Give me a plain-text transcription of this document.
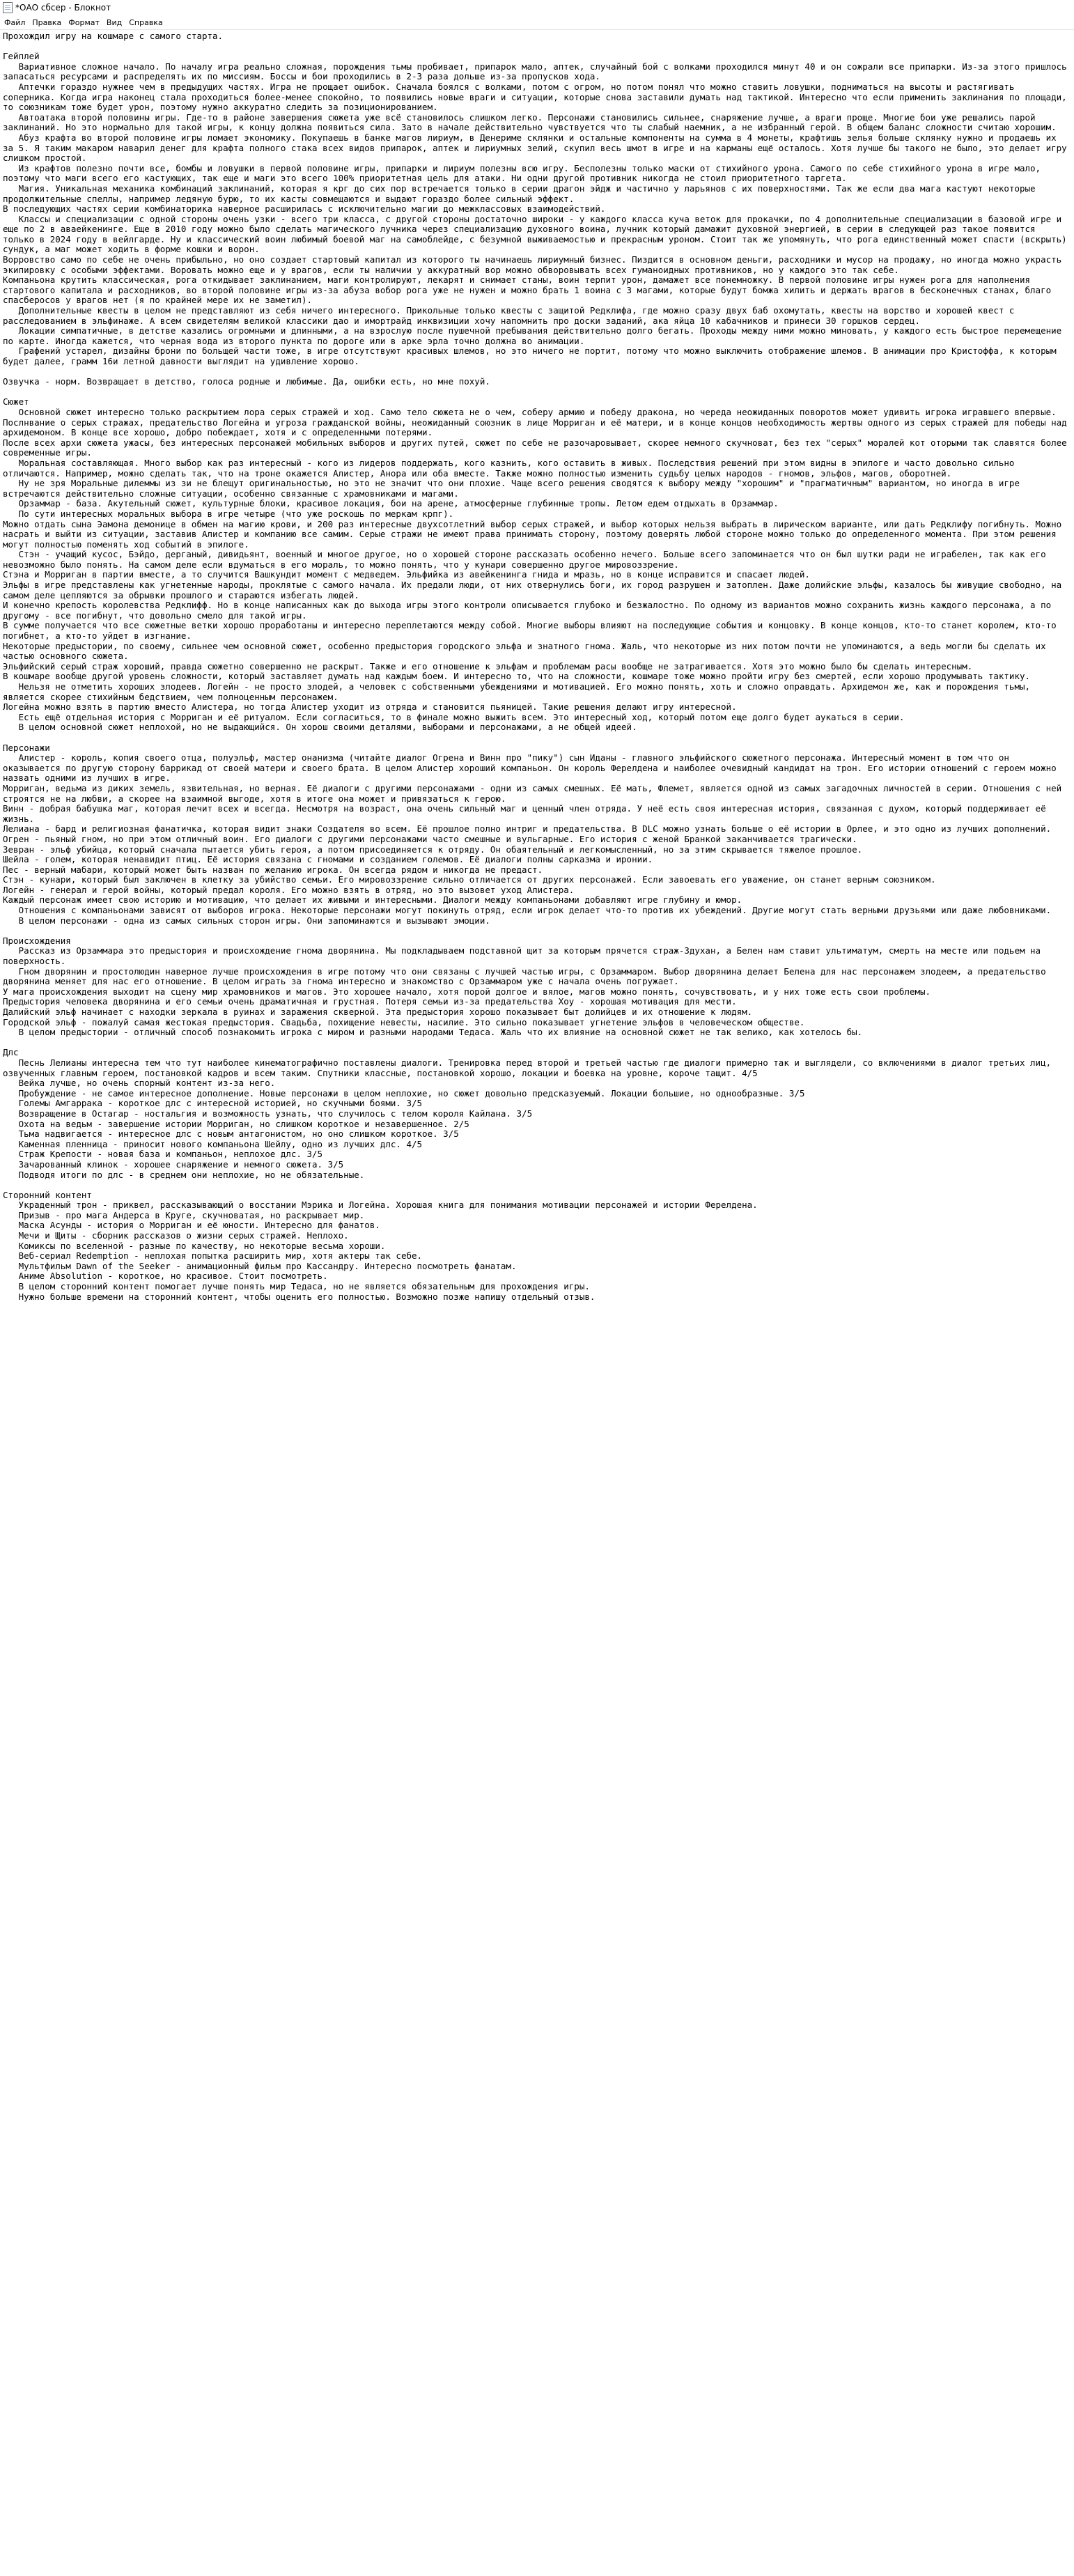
*ОАО сбсер - Блокнот
Файл Правка Формат Вид Справка
Прохождил игру на кошмаре с самого старта.

Гейплей
Вариативное сложное начало. По началу игра реально сложная, порождения тьмы пробивает, припарок мало, аптек, случайный бой с волками проходился минут 40 и он сожрали все припарки. Из-за этого пришлось запасаться ресурсами и распределять их по миссиям. Боссы и бои проходились в 2-3 раза дольше из-за пропусков хода.
Аптечки гораздо нужнее чем в предыдущих частях. Игра не прощает ошибок. Сначала боялся с волками, потом с огром, но потом понял что можно ставить ловушки, подниматься на высоты и растягивать соперника. Когда игра наконец стала проходиться более-менее спокойно, то появились новые враги и ситуации, которые снова заставили думать над тактикой. Интересно что если применить заклинания по площади, то союзникам тоже будет урон, поэтому нужно аккуратно следить за позиционированием.
Автоатака второй половины игры. Где-то в районе завершения сюжета уже всё становилось слишком легко. Персонажи становились сильнее, снаряжение лучше, а враги проще. Многие бои уже решались парой заклинаний. Но это нормально для такой игры, к концу должна появиться сила. Зато в начале действительно чувствуется что ты слабый наемник, а не избранный герой. В общем баланс сложности считаю хорошим.
Абуз крафта во второй половине игры ломает экономику. Покупаешь в банке магов лириум, в Денериме склянки и остальные компоненты на сумма в 4 монеты, крафтишь зелья больше склянку нужно и продаешь их за 5. Я таким макаром наварил денег для крафта полного стака всех видов припарок, аптек и лириумных зелий, скупил весь шмот в игре и на карманы ещё осталось. Хотя лучше бы такого не было, это делает игру слишком простой.
Из крафтов полезно почти все, бомбы и ловушки в первой половине игры, припарки и лириум полезны всю игру. Бесполезны только маски от стихийного урона. Самого по себе стихийного урона в игре мало, поэтому что маги всего его кастующих, так еще и маги это всего 100% приоритетная цель для атаки. Ни одни другой противник никогда не стоил приоритетного таргета.
Магия. Уникальная механика комбинаций заклинаний, которая я крг до сих пор встречается только в серии драгон эйдж и частично у ларьянов с их поверхностями. Так же если два мага кастуют некоторые продолжительные спеллы, например ледяную бурю, то их касты совмещаются и выдают гораздо более сильный эффект.
В последующих частях серии комбинаторика наверное расширилась с исключительно магии до межклассовых взаимодействий.
Классы и специализации с одной стороны очень узки - всего три класса, с другой стороны достаточно широки - у каждого класса куча веток для прокачки, по 4 дополнительные специализации в базовой игре и еще по 2 в аваейкенинге. Еще в 2010 году можно было сделать магического лучника через специализацию духовного воина, лучник который дамажит духовной энергией, в серии в следующей раз такое появится только в 2024 году в вейлгарде. Ну и классический воин любимый боевой маг на самоблейде, с безумной выживаемостью и прекрасным уроном. Стоит так же упомянуть, что рога единственный может спасти (вскрыть) сундук, а маг может ходить в форме кошки и ворон.
Ворровство само по себе не очень прибыльно, но оно создает стартовый капитал из которого ты начинаешь лириумный бизнес. Пиздится в основном деньги, расходники и мусор на продажу, но иногда можно украсть экипировку с особыми эффектами. Воровать можно еще и у врагов, если ты наличии у аккуратный вор можно обворовывать всех гуманоидных противников, но у каждого это так себе.
Компаньона крутить классическая, рога откидывает заклинанием, маги контролируют, лекарят и снимает станы, воин терпит урон, дамажет все понемножку. В первой половине игры нужен рога для наполнения стартового капитала и расходников, во второй половине игры из-за абуза вобор рога уже не нужен и можно брать 1 воина с 3 магами, которые будут бомжа хилить и держать врагов в бесконечных станах, благо спасберосов у врагов нет (я по крайней мере их не заметил).
Дополнительные квесты в целом не представляют из себя ничего интересного. Прикольные только квесты с защитой Редклифа, где можно сразу двух баб охомутать, квесты на ворство и хорошей квест с расследованием в эльфинаже. А всем свидетелям великой классики дао и имортрайд инквизиции хочу напомнить про доски заданий, ака яйца 10 кабачников и принеси 30 горшков сердец.
Локации симпатичные, в детстве казались огромными и длинными, а на взрослую после пушечной пребывания действительно долго бегать. Проходы между ними можно миновать, у каждого есть быстрое перемещение по карте. Иногда кажется, что черная вода из второго пункта по дороге или в арке эрла точно должна во анимации.
Графений устарел, дизайны брони по больщей части тоже, в игре отсутствуют красивых шлемов, но это ничего не портит, потому что можно выключить отображение шлемов. В анимации про Кристоффа, к которым будет далее, грамм 16и летной давности выглядит на удивление хорошо.

Озвучка - норм. Возвращает в детство, голоса родные и любимые. Да, ошибки есть, но мне похуй.

Сюжет
Основной сюжет интересно только раскрытием лора серых стражей и ход. Само тело сюжета не о чем, соберу армию и победу дракона, но череда неожиданных поворотов может удивить игрока игравшего впервые. Послнвание о серых стражах, предательство Логейна и угроза гражданской войны, неожиданный союзник в лице Морриган и её матери, и в конце концов необходимость жертвы одного из серых стражей для победы над архидемоном. В конце все хорошо, добро побеждает, хотя и с определенными потерями.
После всех архи сюжета ужасы, без интересных персонажей мобильных выборов и других путей, сюжет по себе не разочаровывает, скорее немного скучноват, без тех "серых" моралей кот оторыми так славятся более современные игры.
Моральная составляющая. Много выбор как раз интересный - кого из лидеров поддержать, кого казнить, кого оставить в живых. Последствия решений при этом видны в эпилоге и часто довольно сильно отличаются. Например, можно сделать так, что на троне окажется Алистер, Анора или оба вместе. Также можно полностью изменить судьбу целых народов - гномов, эльфов, магов, оборотней.
Ну не зря Моральные дилеммы из зи не блещут оригинальностью, но это не значит что они плохие. Чаще всего решения сводятся к выбору между "хорошим" и "прагматичным" вариантом, но иногда в игре встречаются действительно сложные ситуации, особенно связанные с храмовниками и магами.
Орзаммар - база. Акутельный сюжет, культурные блоки, красивое локация, бои на арене, атмосферные глубинные тропы. Летом едем отдыхать в Орзаммар.
По сути интересных моральных выбора в игре четыре (что уже роскошь по меркам крпг).
Можно отдать сына Эамона демонице в обмен на магию крови, и 200 раз интересные двухсотлетний выбор серых стражей, и выбор которых нельзя выбрать в лирическом варианте, или дать Редклифу погибнуть. Можно насрать и выйти из ситуации, заставив Алистер и компанию все самим. Серые стражи не имеют права принимать сторону, поэтому доверять любой стороне можно только до определенного момента. При этом решения могут полностью поменять ход событий в эпилоге.
Стэн - учащий кусос, Бэйдо, дерганый, дивидьянт, военный и многое другое, но о хорошей стороне рассказать особенно нечего. Больше всего запоминается что он был шутки ради не играбелен, так как его невозможно было понять. На самом деле если вдуматься в его мораль, то можно понять, что у кунари совершенно другое мировоззрение.
Стэна и Морриган в партии вместе, а то случится Вашкундит момент с медведем. Эльфийка из авейкенинга гнида и мразь, но в конце исправится и спасает людей.
Эльфы в игре представлены как угнетенные народы, проклятые с самого начала. Их предали люди, от них отвернулись боги, их город разрушен и затоплен. Даже долийские эльфы, казалось бы живущие свободно, на самом деле цепляются за обрывки прошлого и стараются избегать людей.
И конечно крепость королевства Редклифф. Но в конце написанных как до выхода игры этого контроли описывается глубоко и безжалостно. По одному из вариантов можно сохранить жизнь каждого персонажа, а по другому - все погибнут, что довольно смело для такой игры.
В сумме получается что все сюжетные ветки хорошо проработаны и интересно переплетаются между собой. Многие выборы влияют на последующие события и концовку. В конце концов, кто-то станет королем, кто-то погибнет, а кто-то уйдет в изгнание.
Некоторые предыстории, по своему, сильнее чем основной сюжет, особенно предыстория городского эльфа и знатного гнома. Жаль, что некоторые из них потом почти не упоминаются, а ведь могли бы сделать их частью основного сюжета.
Эльфийский серый страж хороший, правда сюжетно совершенно не раскрыт. Также и его отношение к эльфам и проблемам расы вообще не затрагивается. Хотя это можно было бы сделать интересным.
В кошмаре вообще другой уровень сложности, который заставляет думать над каждым боем. И интересно то, что на сложности, кошмаре тоже можно пройти игру без смертей, если хорошо продумывать тактику.
Нельзя не отметить хороших злодеев. Логейн - не просто злодей, а человек с собственными убеждениями и мотивацией. Его можно понять, хоть и сложно оправдать. Архидемон же, как и порождения тьмы, является скорее стихийным бедствием, чем полноценным персонажем.
Логейна можно взять в партию вместо Алистера, но тогда Алистер уходит из отряда и становится пьяницей. Такие решения делают игру интересной.
Есть ещё отдельная история с Морриган и её ритуалом. Если согласиться, то в финале можно выжить всем. Это интересный ход, который потом еще долго будет аукаться в серии.
В целом основной сюжет неплохой, но не выдающийся. Он хорош своими деталями, выборами и персонажами, а не общей идеей.

Персонажи
Алистер - король, копия своего отца, полуэльф, мастер онанизма (читайте диалог Огрена и Винн про "пику") сын Иданы - главного эльфийского сюжетного персонажа. Интересный момент в том что он оказывается по другую сторону баррикад от своей матери и своего брата. В целом Алистер хороший компаньон. Он король Ферелдена и наиболее очевидный кандидат на трон. Его истории отношений с героем можно назвать одними из лучших в игре.
Морриган, ведьма из диких земель, язвительная, но верная. Её диалоги с другими персонажами - одни из самых смешных. Её мать, Флемет, является одной из самых загадочных личностей в серии. Отношения с ней строятся не на любви, а скорее на взаимной выгоде, хотя в итоге она может и привязаться к герою.
Винн - добрая бабушка маг, которая лечит всех и всегда. Несмотря на возраст, она очень сильный маг и ценный член отряда. У неё есть своя интересная история, связанная с духом, который поддерживает её жизнь.
Лелиана - бард и религиозная фанатичка, которая видит знаки Создателя во всем. Её прошлое полно интриг и предательства. В DLC можно узнать больше о её истории в Орлее, и это одно из лучших дополнений.
Огрен - пьяный гном, но при этом отличный воин. Его диалоги с другими персонажами часто смешные и вульгарные. Его история с женой Бранкой заканчивается трагически.
Зевран - эльф убийца, который сначала пытается убить героя, а потом присоединяется к отряду. Он обаятельный и легкомысленный, но за этим скрывается тяжелое прошлое.
Шейла - голем, которая ненавидит птиц. Её история связана с гномами и созданием големов. Её диалоги полны сарказма и иронии.
Пес - верный мабари, который может быть назван по желанию игрока. Он всегда рядом и никогда не предаст.
Стэн - кунари, который был заключен в клетку за убийство семьи. Его мировоззрение сильно отличается от других персонажей. Если завоевать его уважение, он станет верным союзником.
Логейн - генерал и герой войны, который предал короля. Его можно взять в отряд, но это вызовет уход Алистера.
Каждый персонаж имеет свою историю и мотивацию, что делает их живыми и интересными. Диалоги между компаньонами добавляют игре глубину и юмор.
Отношения с компаньонами зависят от выборов игрока. Некоторые персонажи могут покинуть отряд, если игрок делает что-то против их убеждений. Другие могут стать верными друзьями или даже любовниками.
В целом персонажи - одна из самых сильных сторон игры. Они запоминаются и вызывают эмоции.

Происхождения
Рассказ из Орзаммара это предыстория и происхождение гнома дворянина. Мы подкладываем подставной щит за которым прячется страж-Здухан, а Белен нам ставит ультиматум, смерть на месте или подьем на поверхность.
Гном дворянин и простолюдин наверное лучше происхождения в игре потому что они связаны с лучшей частью игры, с Орзаммаром. Выбор дворянина делает Белена для нас персонажем злодеем, а предательство дворянина меняет для нас его отношение. В целом играть за гнома интересно и знакомство с Орзаммаром уже с начала очень погружает.
У мага происхождения выходит на сцену мир храмовников и магов. Это хорошее начало, хотя порой долгое и вялое, магов можно понять, сочувствовать, и у них тоже есть свои проблемы.
Предыстория человека дворянина и его семьи очень драматичная и грустная. Потеря семьи из-за предательства Хоу - хорошая мотивация для мести.
Далийский эльф начинает с находки зеркала в руинах и заражения скверной. Эта предыстория хорошо показывает быт долийцев и их отношение к людям.
Городской эльф - пожалуй самая жестокая предыстория. Свадьба, похищение невесты, насилие. Это сильно показывает угнетение эльфов в человеческом обществе.
В целом предыстории - отличный способ познакомить игрока с миром и разными народами Тедаса. Жаль что их влияние на основной сюжет не так велико, как хотелось бы.

Длс
Песнь Лелианы интересна тем что тут наиболее кинематографично поставлены диалоги. Тренировка перед второй и третьей частью где диалоги примерно так и выглядели, со включениями в диалог третьих лиц, озвученных главным героем, постановкой кадров и всем таким. Спутники классные, постановкой хорошо, локации и боевка на уровне, короче тащит. 4/5
Вейка лучше, но очень спорный контент из-за него.
Пробуждение - не самое интересное дополнение. Новые персонажи в целом неплохие, но сюжет довольно предсказуемый. Локации большие, но однообразные. 3/5
Големы Амгаррака - короткое длс с интересной историей, но скучными боями. 3/5
Возвращение в Остагар - ностальгия и возможность узнать, что случилось с телом короля Кайлана. 3/5
Охота на ведьм - завершение истории Морриган, но слишком короткое и незавершенное. 2/5
Тьма надвигается - интересное длс с новым антагонистом, но оно слишком короткое. 3/5
Каменная пленница - приносит нового компаньона Шейлу, одно из лучших длс. 4/5
Страж Крепости - новая база и компаньон, неплохое длс. 3/5
Зачарованный клинок - хорошее снаряжение и немного сюжета. 3/5
Подводя итоги по длс - в среднем они неплохие, но не обязательные.

Сторонний контент
Украденный трон - приквел, рассказывающий о восстании Мэрика и Логейна. Хорошая книга для понимания мотивации персонажей и истории Ферелдена.
Призыв - про мага Андерса в Круге, скучноватая, но раскрывает мир.
Маска Асунды - история о Морриган и её юности. Интересно для фанатов.
Мечи и Щиты - сборник рассказов о жизни серых стражей. Неплохо.
Комиксы по вселенной - разные по качеству, но некоторые весьма хороши.
Веб-сериал Redemption - неплохая попытка расширить мир, хотя актеры так себе.
Мультфильм Dawn of the Seeker - анимационный фильм про Кассандру. Интересно посмотреть фанатам.
Аниме Absolution - короткое, но красивое. Стоит посмотреть.
В целом сторонний контент помогает лучше понять мир Тедаса, но не является обязательным для прохождения игры.
Нужно больше времени на сторонний контент, чтобы оценить его полностью. Возможно позже напишу отдельный отзыв.
